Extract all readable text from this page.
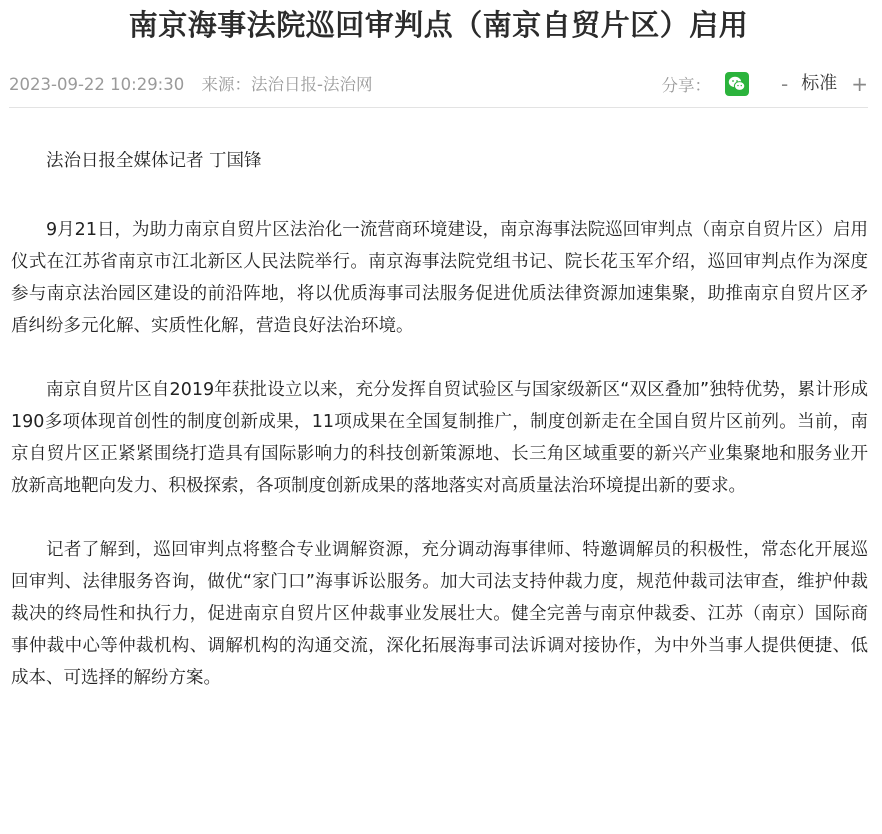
南京海事法院巡回审判点（南京自贸片区）启用
2023-09-22 10:29:30 来源：法治日报-法治网	分享：	- 标准 +

法治日报全媒体记者 丁国锋

9月21日，为助力南京自贸片区法治化一流营商环境建设，南京海事法院巡回审判点（南京自贸片区）启用仪式在江苏省南京市江北新区人民法院举行。南京海事法院党组书记、院长花玉军介绍，巡回审判点作为深度参与南京法治园区建设的前沿阵地，将以优质海事司法服务促进优质法律资源加速集聚，助推南京自贸片区矛盾纠纷多元化解、实质性化解，营造良好法治环境。

南京自贸片区自2019年获批设立以来，充分发挥自贸试验区与国家级新区“双区叠加”独特优势，累计形成190多项体现首创性的制度创新成果，11项成果在全国复制推广，制度创新走在全国自贸片区前列。当前，南京自贸片区正紧紧围绕打造具有国际影响力的科技创新策源地、长三角区域重要的新兴产业集聚地和服务业开放新高地靶向发力、积极探索，各项制度创新成果的落地落实对高质量法治环境提出新的要求。

记者了解到，巡回审判点将整合专业调解资源，充分调动海事律师、特邀调解员的积极性，常态化开展巡回审判、法律服务咨询，做优“家门口”海事诉讼服务。加大司法支持仲裁力度，规范仲裁司法审查，维护仲裁裁决的终局性和执行力，促进南京自贸片区仲裁事业发展壮大。健全完善与南京仲裁委、江苏（南京）国际商事仲裁中心等仲裁机构、调解机构的沟通交流，深化拓展海事司法诉调对接协作，为中外当事人提供便捷、低成本、可选择的解纷方案。
